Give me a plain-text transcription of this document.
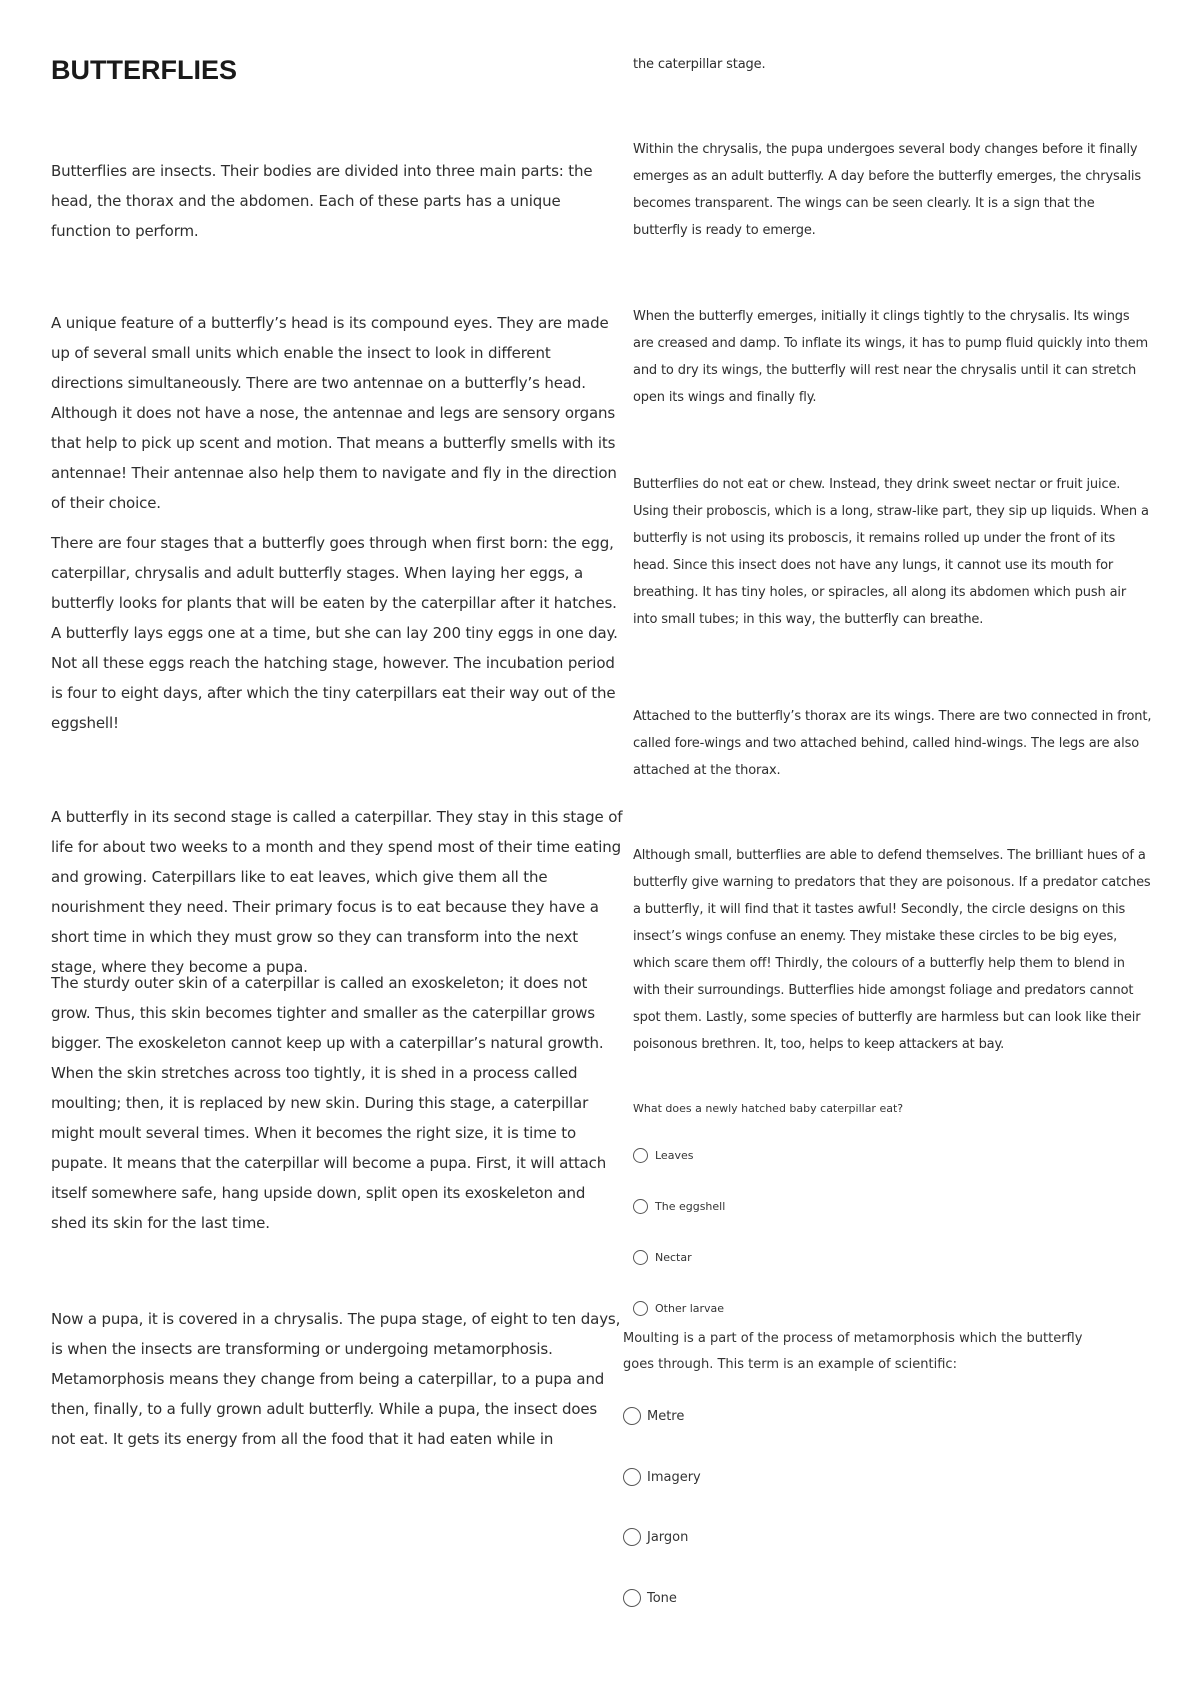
BUTTERFLIES

Butterflies are insects. Their bodies are divided into three main parts: the head, the thorax and the abdomen. Each of these parts has a unique function to perform.

A unique feature of a butterfly’s head is its compound eyes. They are made up of several small units which enable the insect to look in different directions simultaneously. There are two antennae on a butterfly’s head. Although it does not have a nose, the antennae and legs are sensory organs that help to pick up scent and motion. That means a butterfly smells with its antennae! Their antennae also help them to navigate and fly in the direction of their choice.

There are four stages that a butterfly goes through when first born: the egg, caterpillar, chrysalis and adult butterfly stages. When laying her eggs, a butterfly looks for plants that will be eaten by the caterpillar after it hatches. A butterfly lays eggs one at a time, but she can lay 200 tiny eggs in one day. Not all these eggs reach the hatching stage, however. The incubation period is four to eight days, after which the tiny caterpillars eat their way out of the eggshell!

A butterfly in its second stage is called a caterpillar. They stay in this stage of life for about two weeks to a month and they spend most of their time eating and growing. Caterpillars like to eat leaves, which give them all the nourishment they need. Their primary focus is to eat because they have a short time in which they must grow so they can transform into the next stage, where they become a pupa.

The sturdy outer skin of a caterpillar is called an exoskeleton; it does not grow. Thus, this skin becomes tighter and smaller as the caterpillar grows bigger. The exoskeleton cannot keep up with a caterpillar’s natural growth. When the skin stretches across too tightly, it is shed in a process called moulting; then, it is replaced by new skin. During this stage, a caterpillar might moult several times. When it becomes the right size, it is time to pupate. It means that the caterpillar will become a pupa. First, it will attach itself somewhere safe, hang upside down, split open its exoskeleton and shed its skin for the last time.

Now a pupa, it is covered in a chrysalis. The pupa stage, of eight to ten days, is when the insects are transforming or undergoing metamorphosis. Metamorphosis means they change from being a caterpillar, to a pupa and then, finally, to a fully grown adult butterfly. While a pupa, the insect does not eat. It gets its energy from all the food that it had eaten while in

the caterpillar stage.

Within the chrysalis, the pupa undergoes several body changes before it finally emerges as an adult butterfly. A day before the butterfly emerges, the chrysalis becomes transparent. The wings can be seen clearly. It is a sign that the butterfly is ready to emerge.

When the butterfly emerges, initially it clings tightly to the chrysalis. Its wings are creased and damp. To inflate its wings, it has to pump fluid quickly into them and to dry its wings, the butterfly will rest near the chrysalis until it can stretch open its wings and finally fly.

Butterflies do not eat or chew. Instead, they drink sweet nectar or fruit juice. Using their proboscis, which is a long, straw-like part, they sip up liquids. When a butterfly is not using its proboscis, it remains rolled up under the front of its head. Since this insect does not have any lungs, it cannot use its mouth for breathing. It has tiny holes, or spiracles, all along its abdomen which push air into small tubes; in this way, the butterfly can breathe.

Attached to the butterfly’s thorax are its wings. There are two connected in front, called fore-wings and two attached behind, called hind-wings. The legs are also attached at the thorax.

Although small, butterflies are able to defend themselves. The brilliant hues of a butterfly give warning to predators that they are poisonous. If a predator catches a butterfly, it will find that it tastes awful! Secondly, the circle designs on this insect’s wings confuse an enemy. They mistake these circles to be big eyes, which scare them off! Thirdly, the colours of a butterfly help them to blend in with their surroundings. Butterflies hide amongst foliage and predators cannot spot them. Lastly, some species of butterfly are harmless but can look like their poisonous brethren. It, too, helps to keep attackers at bay.

What does a newly hatched baby caterpillar eat?

Leaves
The eggshell
Nectar
Other larvae

Moulting is a part of the process of metamorphosis which the butterfly goes through. This term is an example of scientific:

Metre
Imagery
Jargon
Tone
